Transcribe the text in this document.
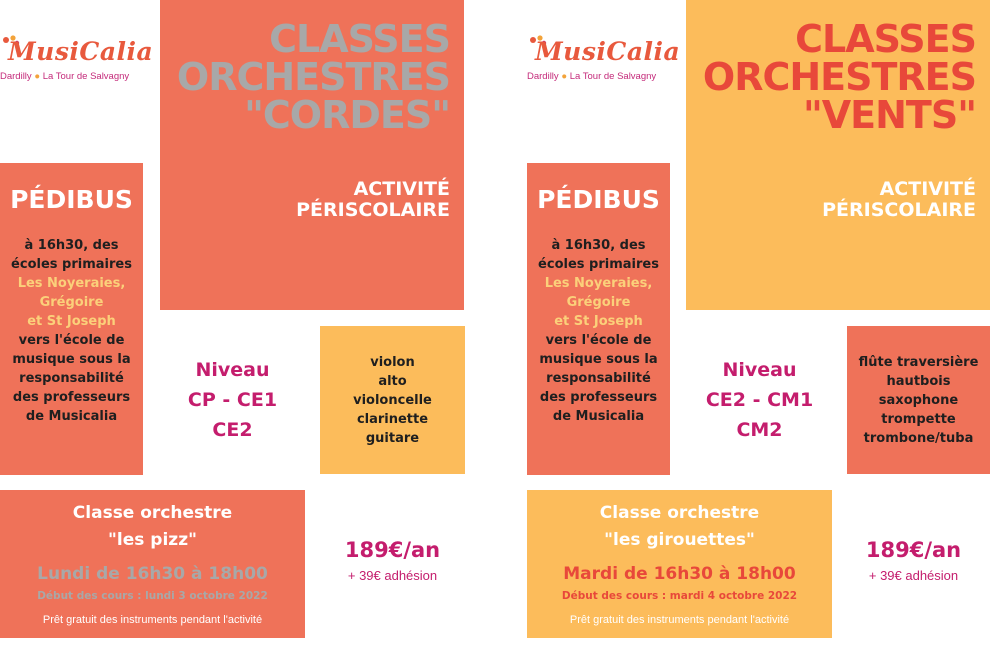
MusiCalia
Dardilly ● La Tour de Salvagny
CLASSES
ORCHESTRES
"CORDES"
ACTIVITÉ
PÉRISCOLAIRE
PÉDIBUS
à 16h30, des
écoles primaires
Les Noyeraies,
Grégoire
et St Joseph
vers l'école de
musique sous la
responsabilité
des professeurs
de Musicalia
Niveau
CP - CE1
CE2
violon
alto
violoncelle
clarinette
guitare
Classe orchestre
"les pizz"
Lundi de 16h30 à 18h00
Début des cours : lundi 3 octobre 2022
Prêt gratuit des instruments pendant l'activité
189€/an
+ 39€ adhésion
MusiCalia
Dardilly ● La Tour de Salvagny
CLASSES
ORCHESTRES
"VENTS"
ACTIVITÉ
PÉRISCOLAIRE
PÉDIBUS
à 16h30, des
écoles primaires
Les Noyeraies,
Grégoire
et St Joseph
vers l'école de
musique sous la
responsabilité
des professeurs
de Musicalia
Niveau
CE2 - CM1
CM2
flûte traversière
hautbois
saxophone
trompette
trombone/tuba
Classe orchestre
"les girouettes"
Mardi de 16h30 à 18h00
Début des cours : mardi 4 octobre 2022
Prêt gratuit des instruments pendant l'activité
189€/an
+ 39€ adhésion
